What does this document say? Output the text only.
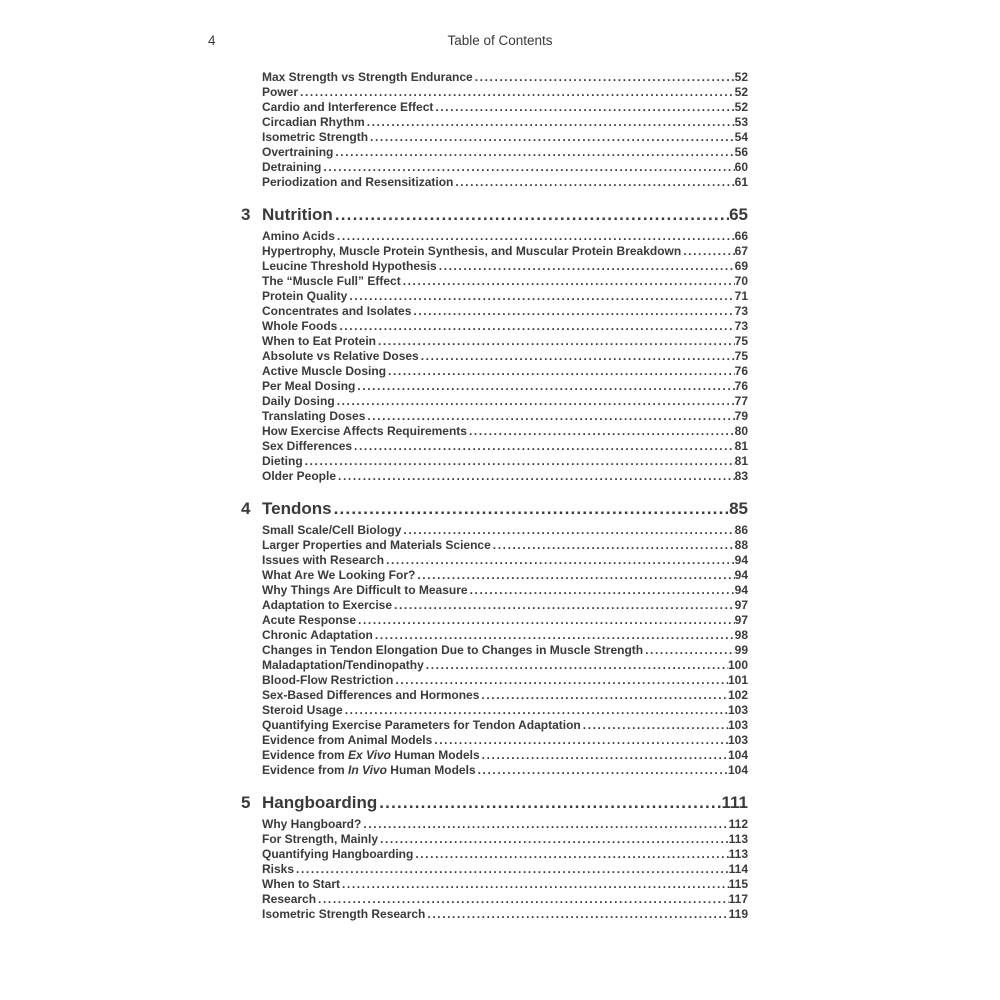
4	Table of Contents
Max Strength vs Strength Endurance .....	52
Power .....	52
Cardio and Interference Effect .....	52
Circadian Rhythm .....	53
Isometric Strength .....	54
Overtraining .....	56
Detraining .....	60
Periodization and Resensitization .....	61
3 Nutrition .....	65
Amino Acids .....	66
Hypertrophy, Muscle Protein Synthesis, and Muscular Protein Breakdown .....	67
Leucine Threshold Hypothesis .....	69
The “Muscle Full” Effect .....	70
Protein Quality .....	71
Concentrates and Isolates .....	73
Whole Foods .....	73
When to Eat Protein .....	75
Absolute vs Relative Doses .....	75
Active Muscle Dosing .....	76
Per Meal Dosing .....	76
Daily Dosing .....	77
Translating Doses .....	79
How Exercise Affects Requirements .....	80
Sex Differences .....	81
Dieting .....	81
Older People .....	83
4 Tendons .....	85
Small Scale/Cell Biology .....	86
Larger Properties and Materials Science .....	88
Issues with Research .....	94
What Are We Looking For? .....	94
Why Things Are Difficult to Measure .....	94
Adaptation to Exercise .....	97
Acute Response .....	97
Chronic Adaptation .....	98
Changes in Tendon Elongation Due to Changes in Muscle Strength .....	99
Maladaptation/Tendinopathy .....	100
Blood-Flow Restriction .....	101
Sex-Based Differences and Hormones .....	102
Steroid Usage .....	103
Quantifying Exercise Parameters for Tendon Adaptation .....	103
Evidence from Animal Models .....	103
Evidence from Ex Vivo Human Models .....	104
Evidence from In Vivo Human Models .....	104
5 Hangboarding .....	111
Why Hangboard? .....	112
For Strength, Mainly .....	113
Quantifying Hangboarding .....	113
Risks .....	114
When to Start .....	115
Research .....	117
Isometric Strength Research .....	119
